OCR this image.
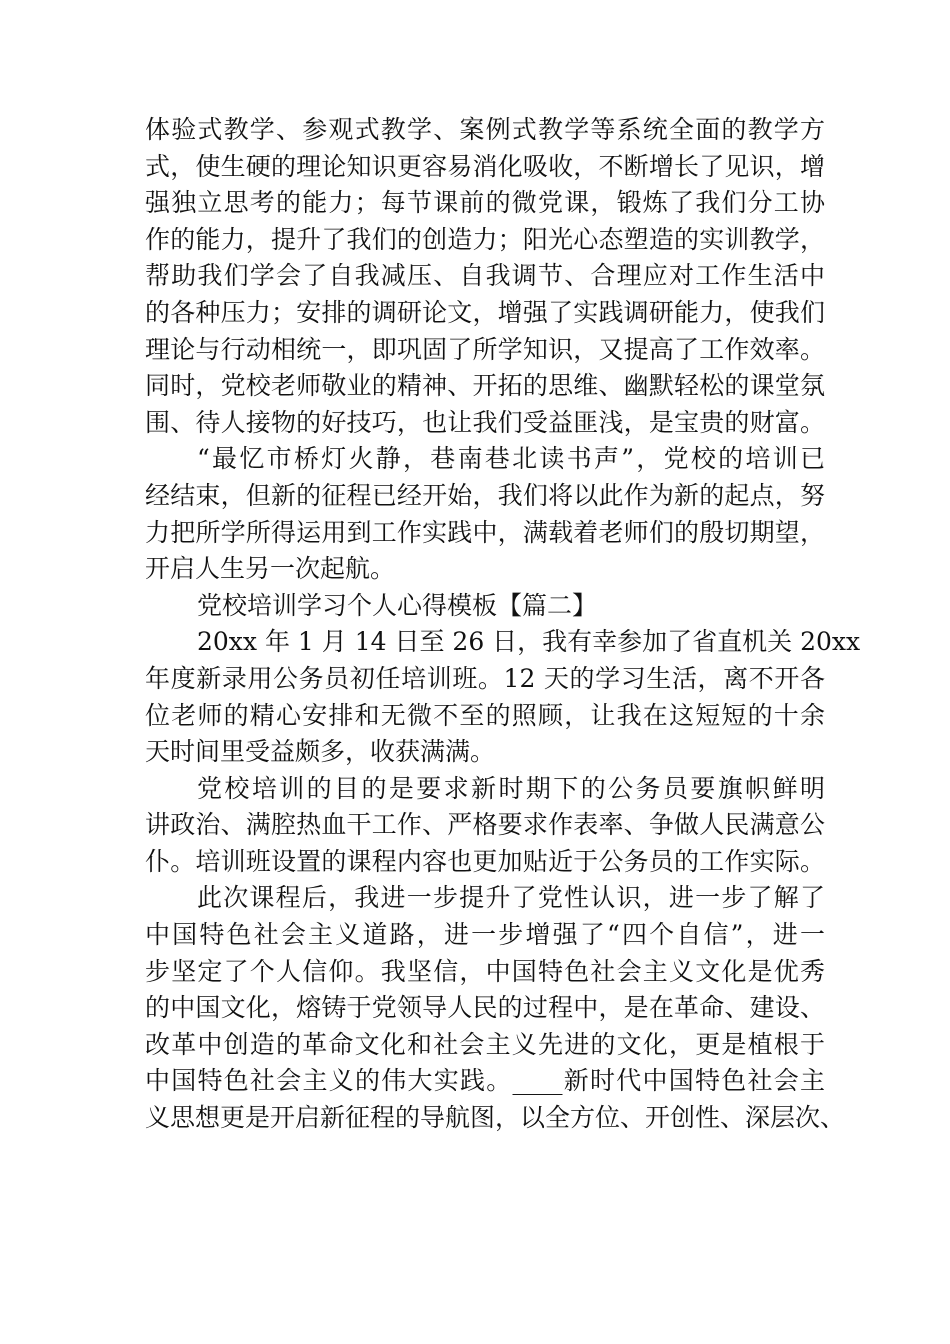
体验式教学、参观式教学、案例式教学等系统全面的教学方
式，使生硬的理论知识更容易消化吸收，不断增长了见识，增
强独立思考的能力；每节课前的微党课，锻炼了我们分工协
作的能力，提升了我们的创造力；阳光心态塑造的实训教学，
帮助我们学会了自我减压、自我调节、合理应对工作生活中
的各种压力；安排的调研论文，增强了实践调研能力，使我们
理论与行动相统一，即巩固了所学知识，又提高了工作效率。
同时，党校老师敬业的精神、开拓的思维、幽默轻松的课堂氛
围、待人接物的好技巧，也让我们受益匪浅，是宝贵的财富。
“最忆市桥灯火静，巷南巷北读书声”，党校的培训已
经结束，但新的征程已经开始，我们将以此作为新的起点，努
力把所学所得运用到工作实践中，满载着老师们的殷切期望，
开启人生另一次起航。
党校培训学习个人心得模板【篇二】
20xx 年 1 月 14 日至 26 日，我有幸参加了省直机关 20xx
年度新录用公务员初任培训班。12 天的学习生活，离不开各
位老师的精心安排和无微不至的照顾，让我在这短短的十余
天时间里受益颇多，收获满满。
党校培训的目的是要求新时期下的公务员要旗帜鲜明
讲政治、满腔热血干工作、严格要求作表率、争做人民满意公
仆。培训班设置的课程内容也更加贴近于公务员的工作实际。
此次课程后，我进一步提升了党性认识，进一步了解了
中国特色社会主义道路，进一步增强了“四个自信”，进一
步坚定了个人信仰。我坚信，中国特色社会主义文化是优秀
的中国文化，熔铸于党领导人民的过程中，是在革命、建设、
改革中创造的革命文化和社会主义先进的文化，更是植根于
中国特色社会主义的伟大实践。____新时代中国特色社会主
义思想更是开启新征程的导航图，以全方位、开创性、深层次、
